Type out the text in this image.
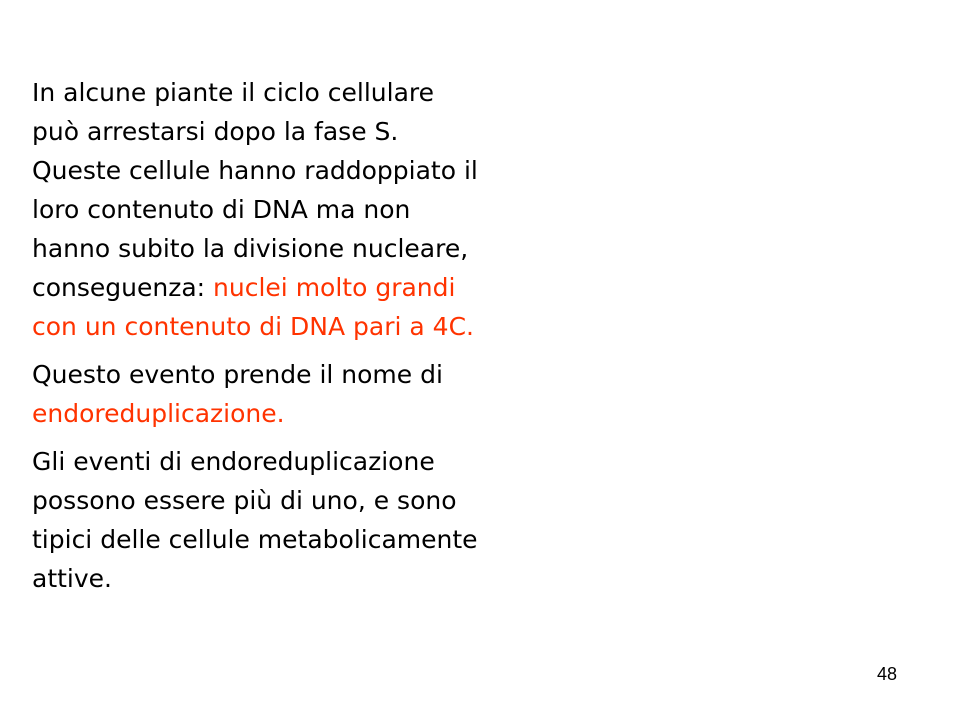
In alcune piante il ciclo cellulare
può arrestarsi dopo la fase S.
Queste cellule hanno raddoppiato il
loro contenuto di DNA ma non
hanno subito la divisione nucleare,
conseguenza: nuclei molto grandi
con un contenuto di DNA pari a 4C.
Questo evento prende il nome di
endoreduplicazione.
Gli eventi di endoreduplicazione
possono essere più di uno, e sono
tipici delle cellule metabolicamente
attive.
48
